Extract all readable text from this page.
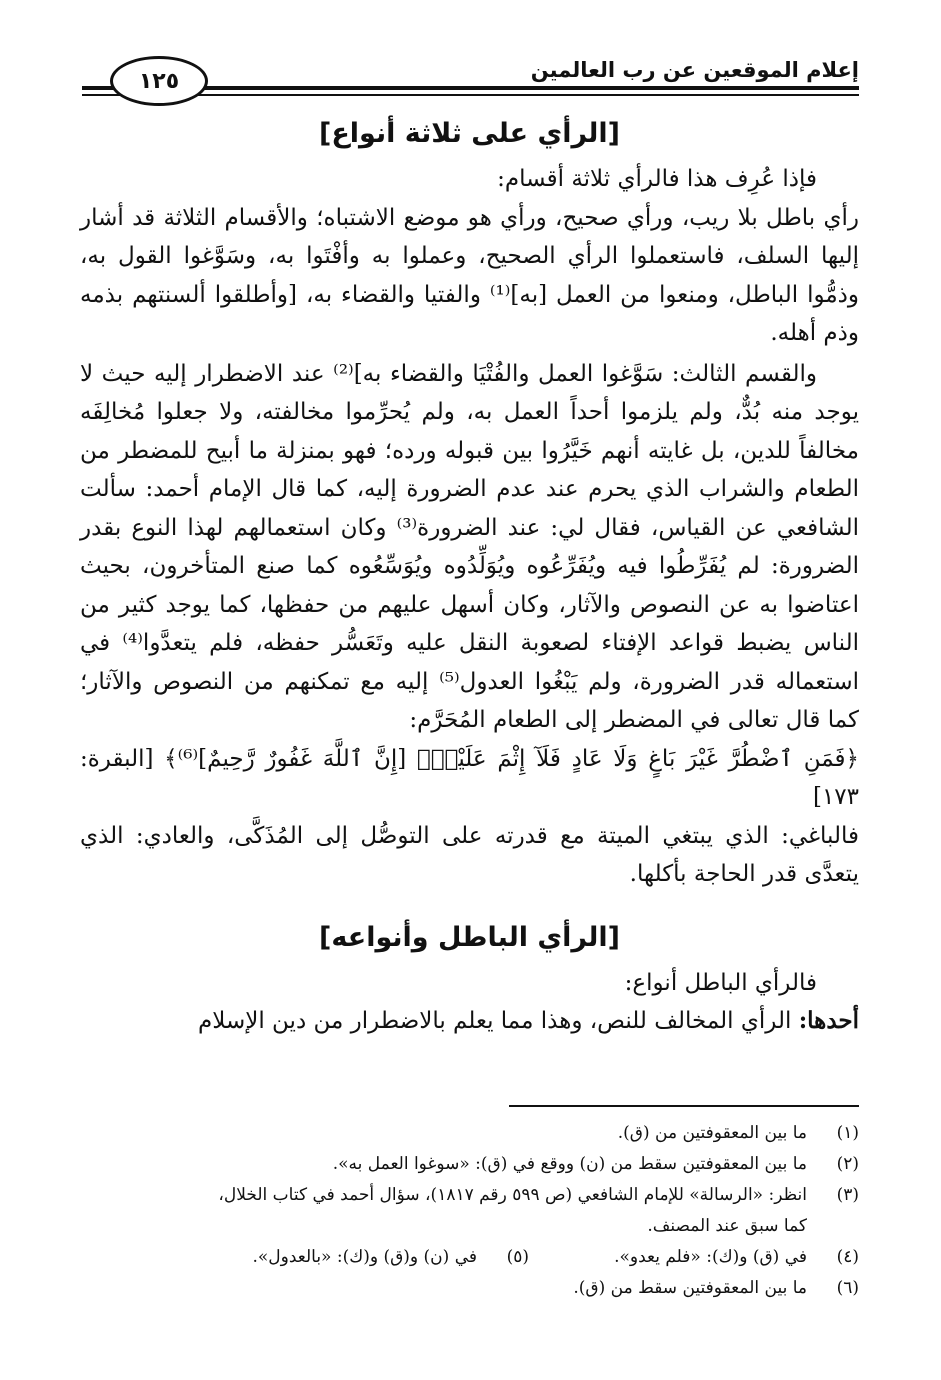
إعلام الموقعين عن رب العالمين
١٢٥
[الرأي على ثلاثة أنواع]

فإذا عُرِف هذا فالرأي ثلاثة أقسام:

رأي باطل بلا ريب، ورأي صحيح، ورأي هو موضع الاشتباه؛ والأقسام الثلاثة قد أشار إليها السلف، فاستعملوا الرأي الصحيح، وعملوا به وأفْتَوا به، وسَوَّغوا القول به، وذمُّوا الباطل، ومنعوا من العمل [به]⁽¹⁾ والفتيا والقضاء به، [وأطلقوا ألسنتهم بذمه وذم أهله.

والقسم الثالث: سَوَّغوا العمل والفُتْيَا والقضاء به]⁽²⁾ عند الاضطرار إليه حيث لا يوجد منه بُدٌّ، ولم يلزموا أحداً العمل به، ولم يُحرِّموا مخالفته، ولا جعلوا مُخالِفَه مخالفاً للدين، بل غايته أنهم خَيَّرُوا بين قبوله ورده؛ فهو بمنزلة ما أبيح للمضطر من الطعام والشراب الذي يحرم عند عدم الضرورة إليه، كما قال الإمام أحمد: سألت الشافعي عن القياس، فقال لي: عند الضرورة⁽³⁾ وكان استعمالهم لهذا النوع بقدر الضرورة: لم يُفَرِّطُوا فيه ويُفَرِّعُوه ويُوَلِّدُوه ويُوَسِّعُوه كما صنع المتأخرون، بحيث اعتاضوا به عن النصوص والآثار، وكان أسهل عليهم من حفظها، كما يوجد كثير من الناس يضبط قواعد الإفتاء لصعوبة النقل عليه وتَعَسُّر حفظه، فلم يتعدَّوا⁽⁴⁾ في استعماله قدر الضرورة، ولم يَبْغُوا العدول⁽⁵⁾ إليه مع تمكنهم من النصوص والآثار؛ كما قال تعالى في المضطر إلى الطعام المُحَرَّم:

﴿فَمَنِ ٱضْطُرَّ غَيْرَ بَاغٍ وَلَا عَادٍ فَلَآ إِثْمَ عَلَيْهِۚ [إِنَّ ٱللَّهَ غَفُورٌ رَّحِيمٌ]⁽⁶⁾﴾ [البقرة: ١٧٣]

فالباغي: الذي يبتغي الميتة مع قدرته على التوصُّل إلى المُذَكَّى، والعادي: الذي يتعدَّى قدر الحاجة بأكلها.

[الرأي الباطل وأنواعه]

فالرأي الباطل أنواع:

أحدها: الرأي المخالف للنص، وهذا مما يعلم بالاضطرار من دين الإسلام

(١)
ما بين المعقوفتين من (ق).
(٢)
ما بين المعقوفتين سقط من (ن) ووقع في (ق): «سوغوا العمل به».
(٣)
انظر: «الرسالة» للإمام الشافعي (ص ٥٩٩ رقم ١٨١٧)، سؤال أحمد في كتاب الخلال،
كما سبق عند المصنف.
(٤)
في (ق) و(ك): «فلم يعدو».
(٥)
في (ن) و(ق) و(ك): «بالعدول».
(٦)
ما بين المعقوفتين سقط من (ق).
